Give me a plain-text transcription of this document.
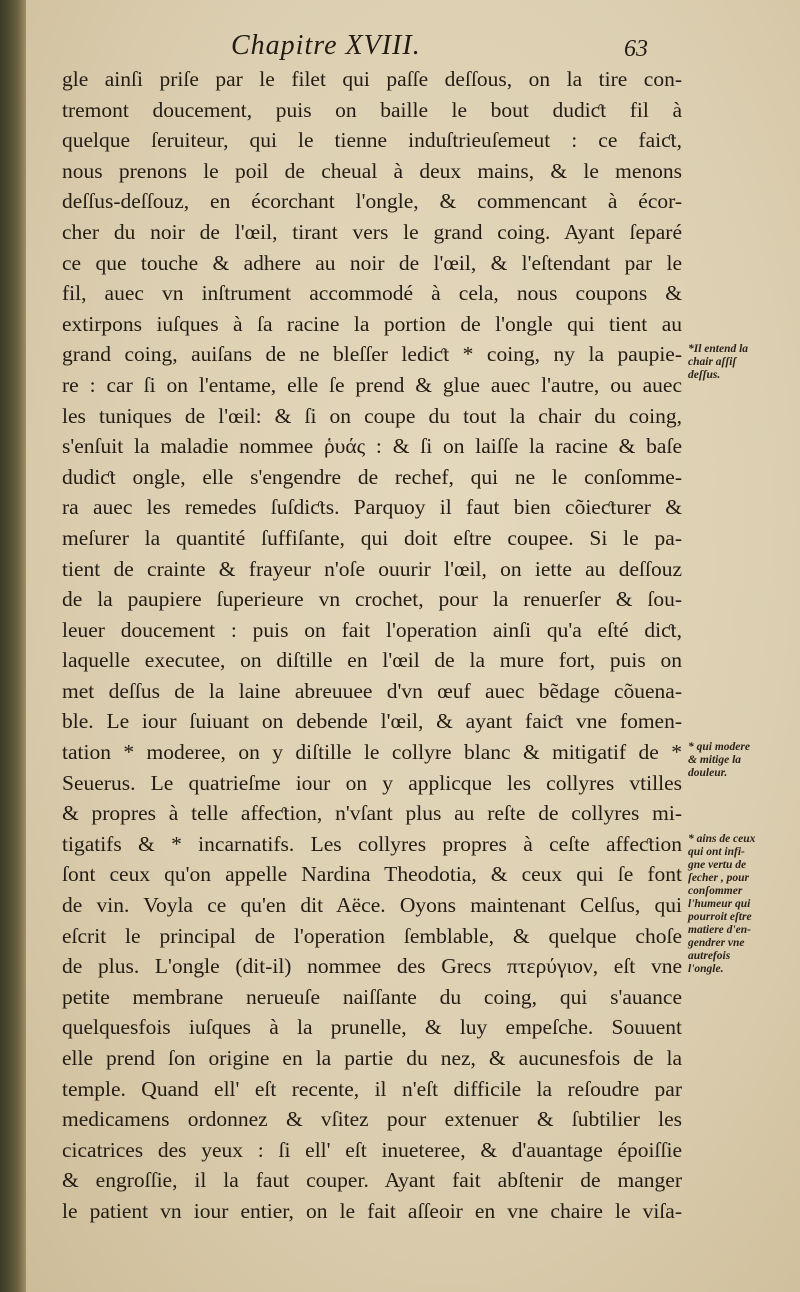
Chapitre XVIII.	63
gle ainſi priſe par le filet qui paſſe deſſous, on la tire con-
tremont doucement, puis on baille le bout dudiƈt fil à
quelque ſeruiteur, qui le tienne induſtrieuſemeut : ce faiƈt,
nous prenons le poil de cheual à deux mains, & le menons
deſſus-deſſouz, en écorchant l'ongle, & commencant à écor-
cher du noir de l'œil, tirant vers le grand coing. Ayant ſeparé
ce que touche & adhere au noir de l'œil, & l'eſtendant par le
fil, auec vn inſtrument accommodé à cela, nous coupons &
extirpons iuſques à ſa racine la portion de l'ongle qui tient au
grand coing, auiſans de ne bleſſer lediƈt * coing, ny la paupie-
re : car ſi on l'entame, elle ſe prend & glue auec l'autre, ou auec
les tuniques de l'œil: & ſi on coupe du tout la chair du coing,
s'enſuit la maladie nommee ῥυάς : & ſi on laiſſe la racine & baſe
dudiƈt ongle, elle s'engendre de rechef, qui ne le conſomme-
ra auec les remedes ſuſdiƈts. Parquoy il faut bien cõieƈturer &
meſurer la quantité ſuffiſante, qui doit eſtre coupee. Si le pa-
tient de crainte & frayeur n'oſe ouurir l'œil, on iette au deſſouz
de la paupiere ſuperieure vn crochet, pour la renuerſer & ſou-
leuer doucement : puis on fait l'operation ainſi qu'a eſté diƈt,
laquelle executee, on diſtille en l'œil de la mure fort, puis on
met deſſus de la laine abreuuee d'vn œuf auec bẽdage cõuena-
ble. Le iour ſuiuant on debende l'œil, & ayant faiƈt vne fomen-
tation * moderee, on y diſtille le collyre blanc & mitigatif de *
Seuerus. Le quatrieſme iour on y applicque les collyres vtilles
& propres à telle affeƈtion, n'vſant plus au reſte de collyres mi-
tigatifs & * incarnatifs. Les collyres propres à ceſte affeƈtion
ſont ceux qu'on appelle Nardina Theodotia, & ceux qui ſe font
de vin. Voyla ce qu'en dit Aëce. Oyons maintenant Celſus, qui
eſcrit le principal de l'operation ſemblable, & quelque choſe
de plus. L'ongle (dit-il) nommee des Grecs πτερύγιον, eſt vne
petite membrane nerueuſe naiſſante du coing, qui s'auance
quelquesfois iuſques à la prunelle, & luy empeſche. Souuent
elle prend ſon origine en la partie du nez, & aucunesfois de la
temple. Quand ell' eſt recente, il n'eſt difficile la reſoudre par
medicamens ordonnez & vſitez pour extenuer & ſubtilier les
cicatrices des yeux : ſi ell' eſt inueteree, & d'auantage époiſſie
& engroſſie, il la faut couper. Ayant fait abſtenir de manger
le patient vn iour entier, on le fait aſſeoir en vne chaire le viſa-
*Il entend la
chair aſſiſ
deſſus.
* qui modere
& mitige la
douleur.
* ains de ceux
qui ont infi-
gne vertu de
ſecher , pour
conſommer
l'humeur qui
pourroit eſtre
matiere d'en-
gendrer vne
autrefois
l'ongle.
